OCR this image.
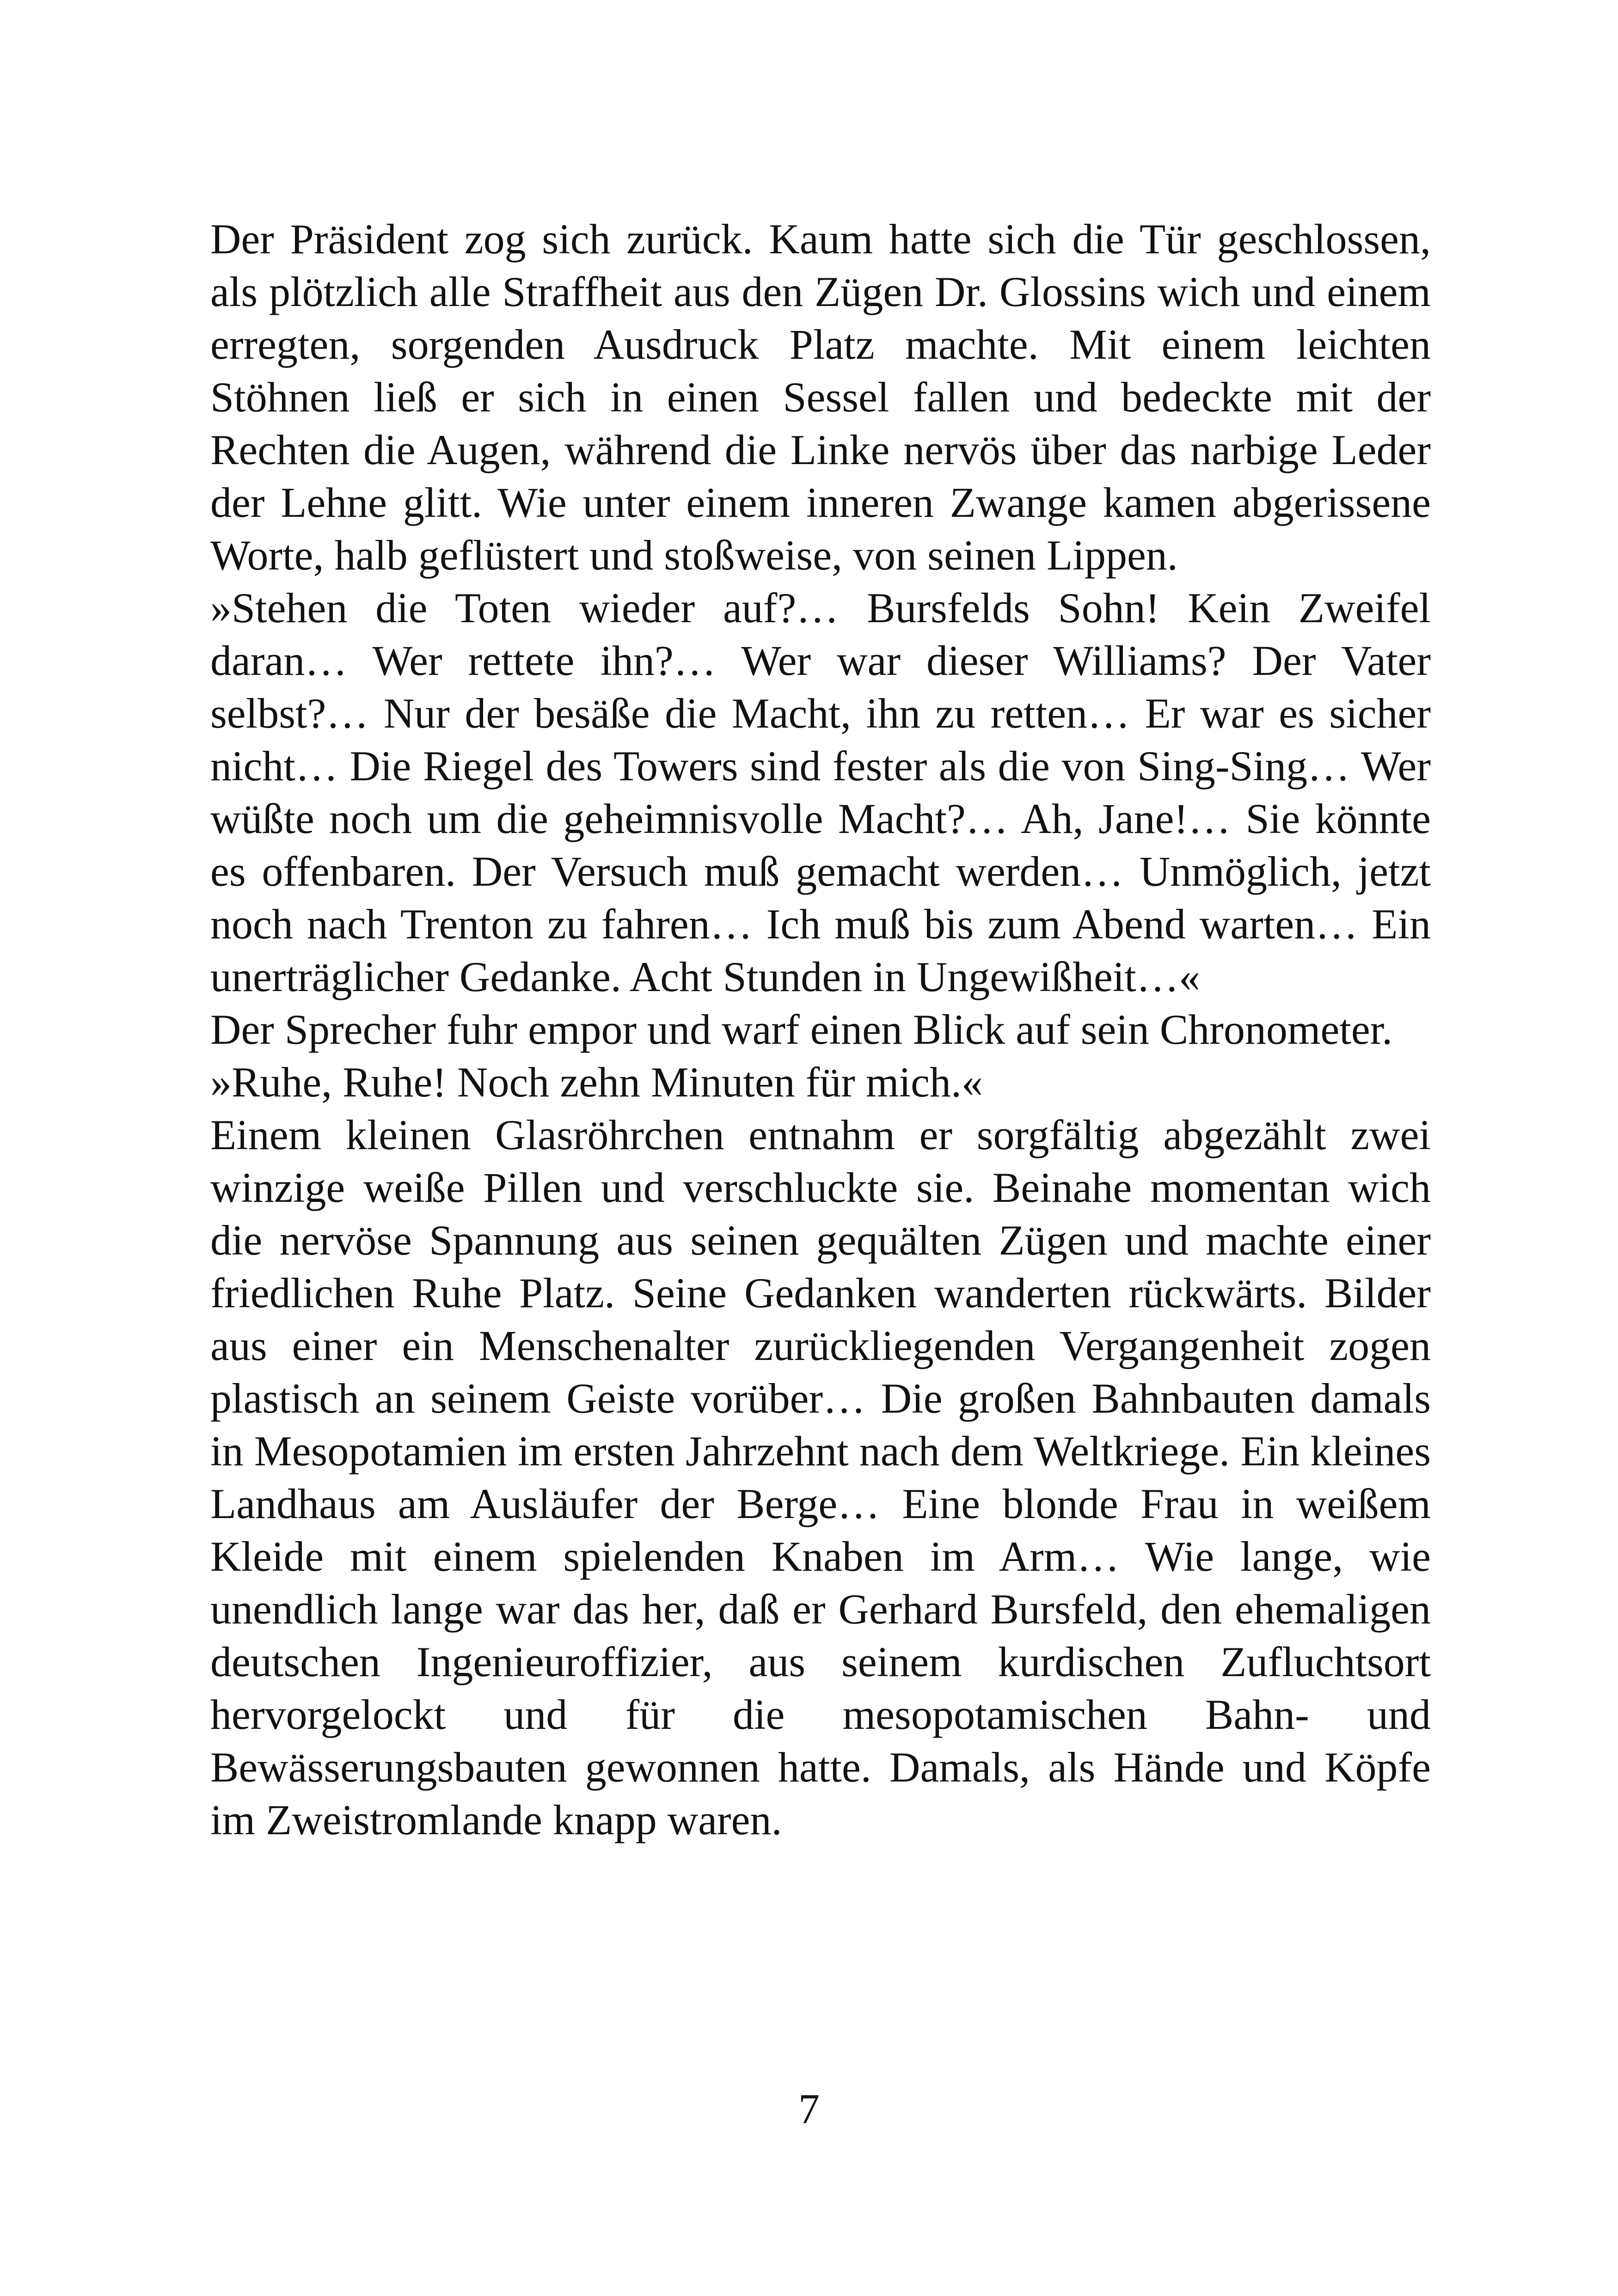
Der Präsident zog sich zurück. Kaum hatte sich die Tür geschlossen, als plötzlich alle Straffheit aus den Zügen Dr. Glossins wich und einem erregten, sorgenden Ausdruck Platz machte. Mit einem leichten Stöhnen ließ er sich in einen Sessel fallen und bedeckte mit der Rechten die Augen, während die Linke nervös über das narbige Leder der Lehne glitt. Wie unter einem inneren Zwange kamen abgerissene Worte, halb geflüstert und stoßweise, von seinen Lippen.

»Stehen die Toten wieder auf?… Bursfelds Sohn! Kein Zweifel daran… Wer rettete ihn?… Wer war dieser Williams? Der Vater selbst?… Nur der besäße die Macht, ihn zu retten… Er war es sicher nicht… Die Riegel des Towers sind fester als die von Sing-Sing… Wer wüßte noch um die geheimnisvolle Macht?… Ah, Jane!… Sie könnte es offenbaren. Der Versuch muß gemacht werden… Unmöglich, jetzt noch nach Trenton zu fahren… Ich muß bis zum Abend warten… Ein unerträglicher Gedanke. Acht Stunden in Ungewißheit…«

Der Sprecher fuhr empor und warf einen Blick auf sein Chronometer.

»Ruhe, Ruhe! Noch zehn Minuten für mich.«

Einem kleinen Glasröhrchen entnahm er sorgfältig abgezählt zwei winzige weiße Pillen und verschluckte sie. Beinahe momentan wich die nervöse Spannung aus seinen gequälten Zügen und machte einer friedlichen Ruhe Platz. Seine Gedanken wanderten rückwärts. Bilder aus einer ein Menschenalter zurückliegenden Vergangenheit zogen plastisch an seinem Geiste vorüber… Die großen Bahnbauten damals in Mesopotamien im ersten Jahrzehnt nach dem Weltkriege. Ein kleines Landhaus am Ausläufer der Berge… Eine blonde Frau in weißem Kleide mit einem spielenden Knaben im Arm… Wie lange, wie unendlich lange war das her, daß er Gerhard Bursfeld, den ehemaligen deutschen Ingenieuroffizier, aus seinem kurdischen Zufluchtsort hervorgelockt und für die mesopotamischen Bahn- und Bewässerungsbauten gewonnen hatte. Damals, als Hände und Köpfe im Zweistromlande knapp waren.

7
